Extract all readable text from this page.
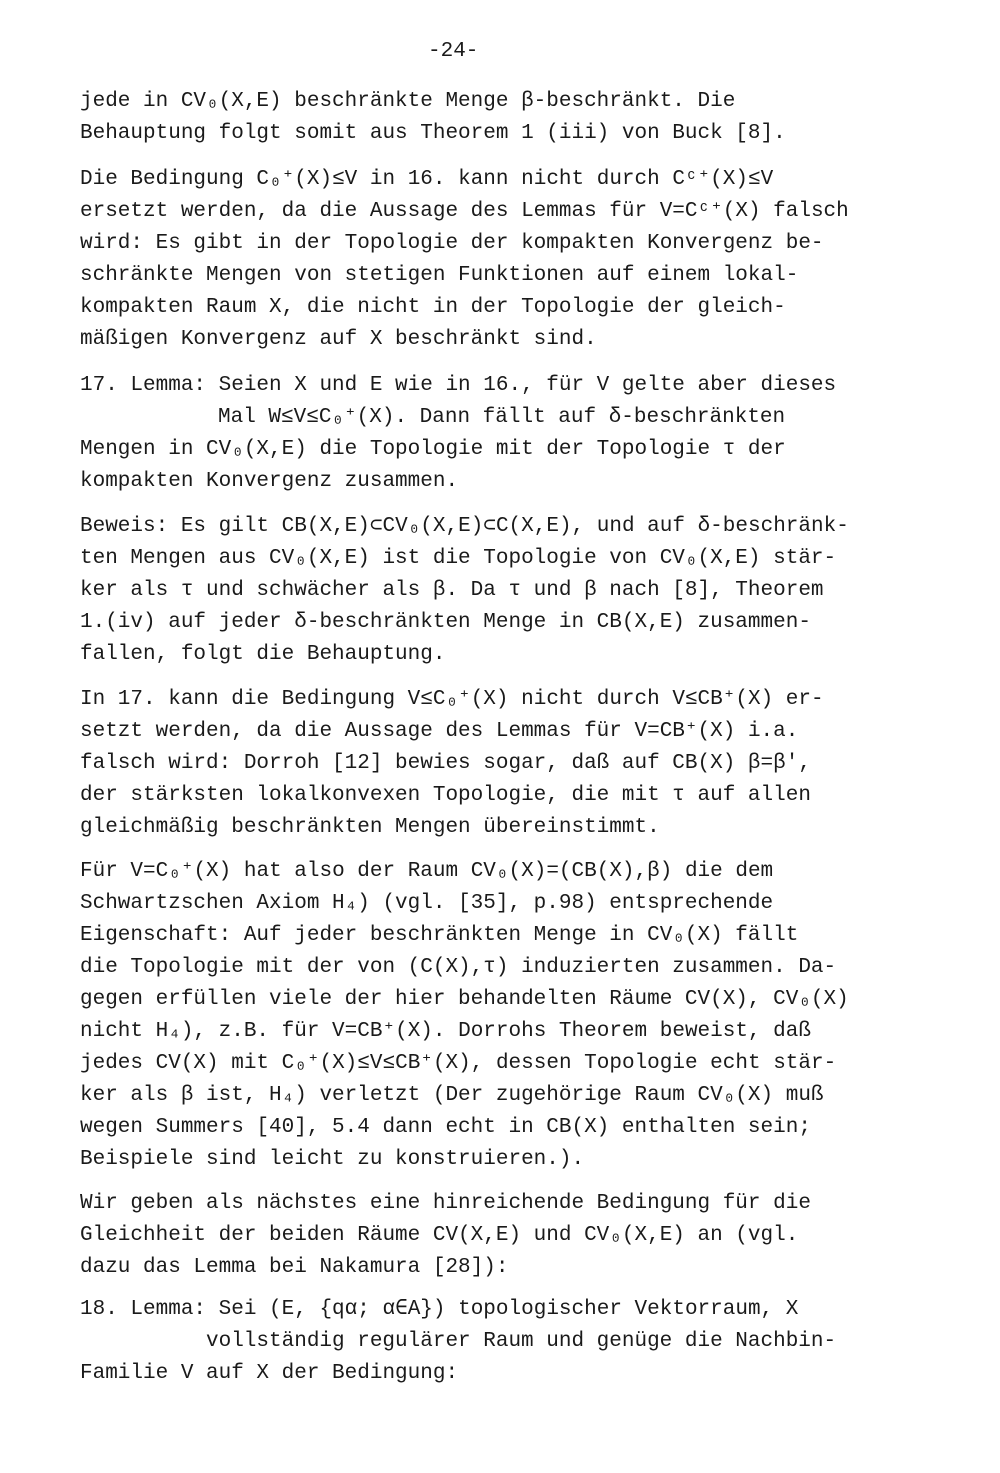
-24-
jede in CV₀(X,E) beschränkte Menge β-beschränkt. Die
Behauptung folgt somit aus Theorem 1 (iii) von Buck [8].
Die Bedingung C₀⁺(X)≤V in 16. kann nicht durch Cᶜ⁺(X)≤V
ersetzt werden, da die Aussage des Lemmas für V=Cᶜ⁺(X) falsch
wird: Es gibt in der Topologie der kompakten Konvergenz be-
schränkte Mengen von stetigen Funktionen auf einem lokal-
kompakten Raum X, die nicht in der Topologie der gleich-
mäßigen Konvergenz auf X beschränkt sind.
17. Lemma: Seien X und E wie in 16., für V gelte aber dieses
Mal W≤V≤C₀⁺(X). Dann fällt auf δ-beschränkten
Mengen in CV₀(X,E) die Topologie mit der Topologie τ der
kompakten Konvergenz zusammen.
Beweis: Es gilt CB(X,E)⊂CV₀(X,E)⊂C(X,E), und auf δ-beschränk-
ten Mengen aus CV₀(X,E) ist die Topologie von CV₀(X,E) stär-
ker als τ und schwächer als β. Da τ und β nach [8], Theorem
1.(iv) auf jeder δ-beschränkten Menge in CB(X,E) zusammen-
fallen, folgt die Behauptung.
In 17. kann die Bedingung V≤C₀⁺(X) nicht durch V≤CB⁺(X) er-
setzt werden, da die Aussage des Lemmas für V=CB⁺(X) i.a.
falsch wird: Dorroh [12] bewies sogar, daß auf CB(X) β=β',
der stärksten lokalkonvexen Topologie, die mit τ auf allen
gleichmäßig beschränkten Mengen übereinstimmt.
Für V=C₀⁺(X) hat also der Raum CV₀(X)=(CB(X),β) die dem
Schwartzschen Axiom H₄) (vgl. [35], p.98) entsprechende
Eigenschaft: Auf jeder beschränkten Menge in CV₀(X) fällt
die Topologie mit der von (C(X),τ) induzierten zusammen. Da-
gegen erfüllen viele der hier behandelten Räume CV(X), CV₀(X)
nicht H₄), z.B. für V=CB⁺(X). Dorrohs Theorem beweist, daß
jedes CV(X) mit C₀⁺(X)≤V≤CB⁺(X), dessen Topologie echt stär-
ker als β ist, H₄) verletzt (Der zugehörige Raum CV₀(X) muß
wegen Summers [40], 5.4 dann echt in CB(X) enthalten sein;
Beispiele sind leicht zu konstruieren.).
Wir geben als nächstes eine hinreichende Bedingung für die
Gleichheit der beiden Räume CV(X,E) und CV₀(X,E) an (vgl.
dazu das Lemma bei Nakamura [28]):
18. Lemma: Sei (E, {qα; α∈A}) topologischer Vektorraum, X
vollständig regulärer Raum und genüge die Nachbin-
Familie V auf X der Bedingung:
